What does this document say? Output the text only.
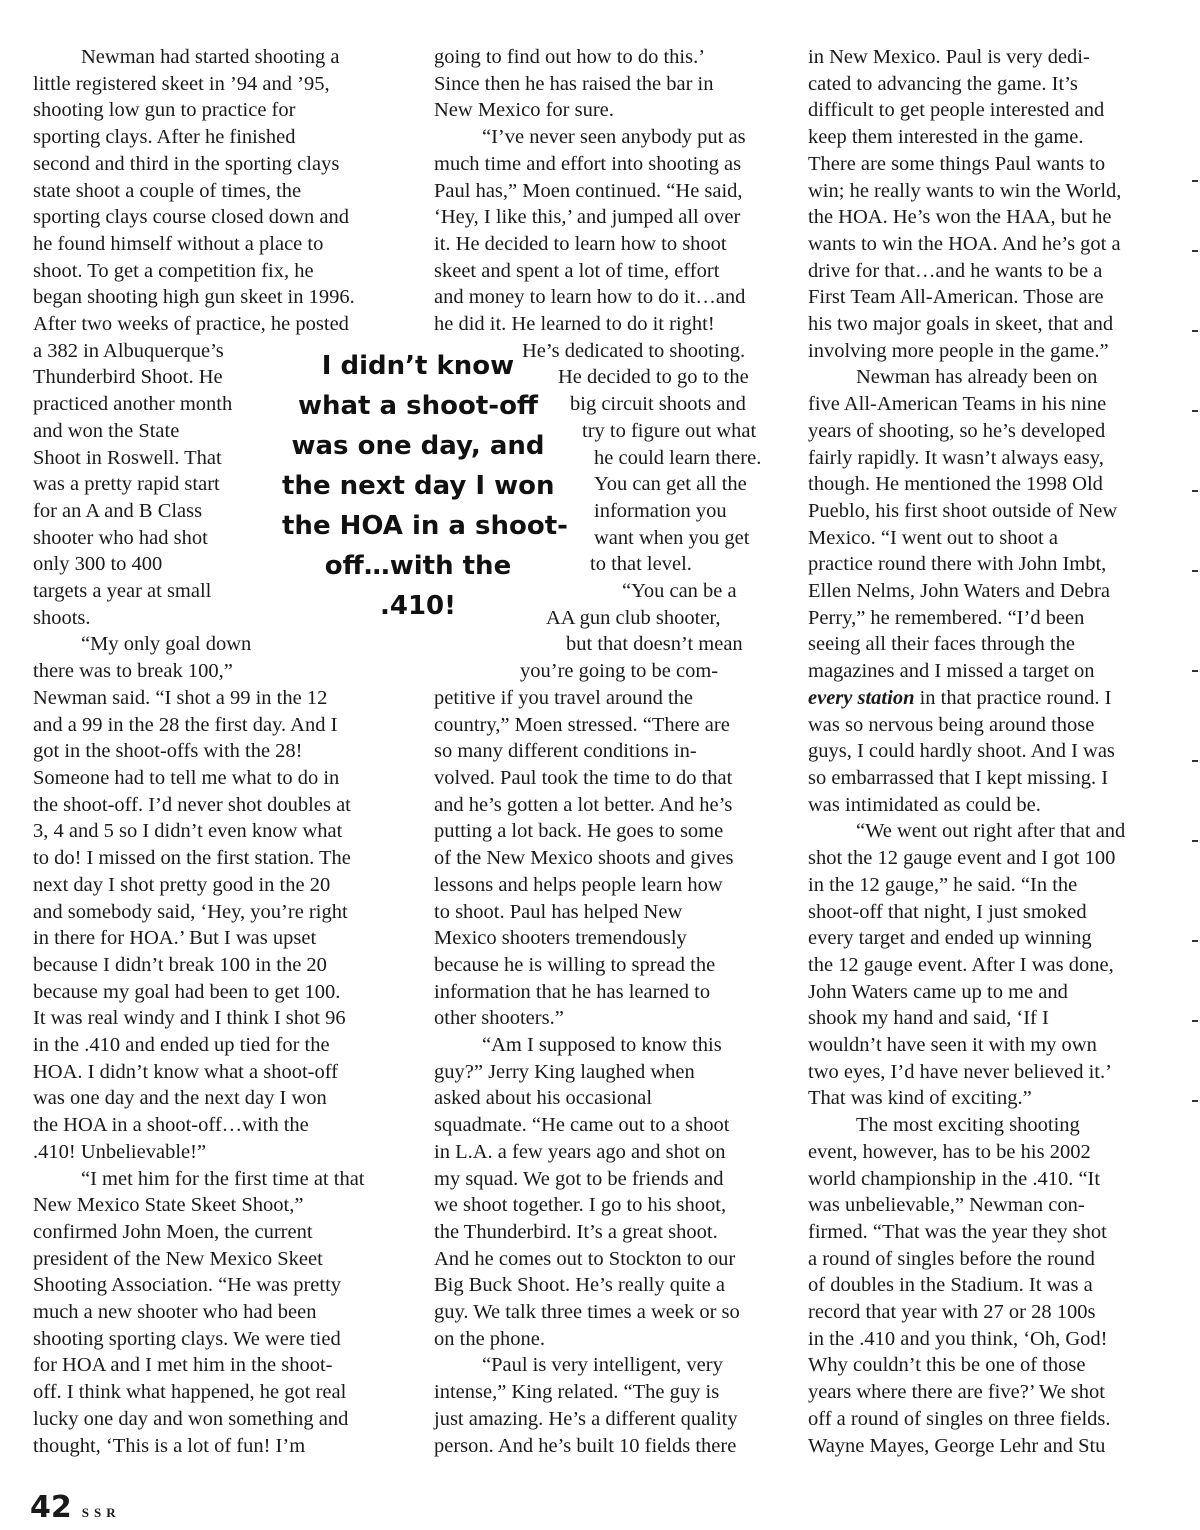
Newman had started shooting a
little registered skeet in ’94 and ’95,
shooting low gun to practice for
sporting clays. After he finished
second and third in the sporting clays
state shoot a couple of times, the
sporting clays course closed down and
he found himself without a place to
shoot. To get a competition fix, he
began shooting high gun skeet in 1996.
After two weeks of practice, he posted
a 382 in Albuquerque’s
Thunderbird Shoot. He
practiced another month
and won the State
Shoot in Roswell. That
was a pretty rapid start
for an A and B Class
shooter who had shot
only 300 to 400
targets a year at small
shoots.

“My only goal down
there was to break 100,”
Newman said. “I shot a 99 in the 12
and a 99 in the 28 the first day. And I
got in the shoot-offs with the 28!
Someone had to tell me what to do in
the shoot-off. I’d never shot doubles at
3, 4 and 5 so I didn’t even know what
to do! I missed on the first station. The
next day I shot pretty good in the 20
and somebody said, ‘Hey, you’re right
in there for HOA.’ But I was upset
because I didn’t break 100 in the 20
because my goal had been to get 100.
It was real windy and I think I shot 96
in the .410 and ended up tied for the
HOA. I didn’t know what a shoot-off
was one day and the next day I won
the HOA in a shoot-off…with the
.410! Unbelievable!”

“I met him for the first time at that
New Mexico State Skeet Shoot,”
confirmed John Moen, the current
president of the New Mexico Skeet
Shooting Association. “He was pretty
much a new shooter who had been
shooting sporting clays. We were tied
for HOA and I met him in the shoot-
off. I think what happened, he got real
lucky one day and won something and
thought, ‘This is a lot of fun! I’m

going to find out how to do this.’
Since then he has raised the bar in
New Mexico for sure.

“I’ve never seen anybody put as
much time and effort into shooting as
Paul has,” Moen continued. “He said,
‘Hey, I like this,’ and jumped all over
it. He decided to learn how to shoot
skeet and spent a lot of time, effort
and money to learn how to do it…and
he did it. He learned to do it right!
He’s dedicated to shooting.
He decided to go to the
big circuit shoots and
try to figure out what
he could learn there.
You can get all the
information you
want when you get
to that level.

“You can be a
AA gun club shooter,
but that doesn’t mean
you’re going to be com-
petitive if you travel around the
country,” Moen stressed. “There are
so many different conditions in-
volved. Paul took the time to do that
and he’s gotten a lot better. And he’s
putting a lot back. He goes to some
of the New Mexico shoots and gives
lessons and helps people learn how
to shoot. Paul has helped New
Mexico shooters tremendously
because he is willing to spread the
information that he has learned to
other shooters.”

“Am I supposed to know this
guy?” Jerry King laughed when
asked about his occasional
squadmate. “He came out to a shoot
in L.A. a few years ago and shot on
my squad. We got to be friends and
we shoot together. I go to his shoot,
the Thunderbird. It’s a great shoot.
And he comes out to Stockton to our
Big Buck Shoot. He’s really quite a
guy. We talk three times a week or so
on the phone.

“Paul is very intelligent, very
intense,” King related. “The guy is
just amazing. He’s a different quality
person. And he’s built 10 fields there

in New Mexico. Paul is very dedi-
cated to advancing the game. It’s
difficult to get people interested and
keep them interested in the game.
There are some things Paul wants to
win; he really wants to win the World,
the HOA. He’s won the HAA, but he
wants to win the HOA. And he’s got a
drive for that…and he wants to be a
First Team All-American. Those are
his two major goals in skeet, that and
involving more people in the game.”

Newman has already been on
five All-American Teams in his nine
years of shooting, so he’s developed
fairly rapidly. It wasn’t always easy,
though. He mentioned the 1998 Old
Pueblo, his first shoot outside of New
Mexico. “I went out to shoot a
practice round there with John Imbt,
Ellen Nelms, John Waters and Debra
Perry,” he remembered. “I’d been
seeing all their faces through the
magazines and I missed a target on
every station in that practice round. I
was so nervous being around those
guys, I could hardly shoot. And I was
so embarrassed that I kept missing. I
was intimidated as could be.

“We went out right after that and
shot the 12 gauge event and I got 100
in the 12 gauge,” he said. “In the
shoot-off that night, I just smoked
every target and ended up winning
the 12 gauge event. After I was done,
John Waters came up to me and
shook my hand and said, ‘If I
wouldn’t have seen it with my own
two eyes, I’d have never believed it.’
That was kind of exciting.”

The most exciting shooting
event, however, has to be his 2002
world championship in the .410. “It
was unbelievable,” Newman con-
firmed. “That was the year they shot
a round of singles before the round
of doubles in the Stadium. It was a
record that year with 27 or 28 100s
in the .410 and you think, ‘Oh, God!
Why couldn’t this be one of those
years where there are five?’ We shot
off a round of singles on three fields.
Wayne Mayes, George Lehr and Stu

I didn’t know
what a shoot-off
was one day, and
the next day I won
the HOA in a shoot-
off…with the
.410!
42 SSR
